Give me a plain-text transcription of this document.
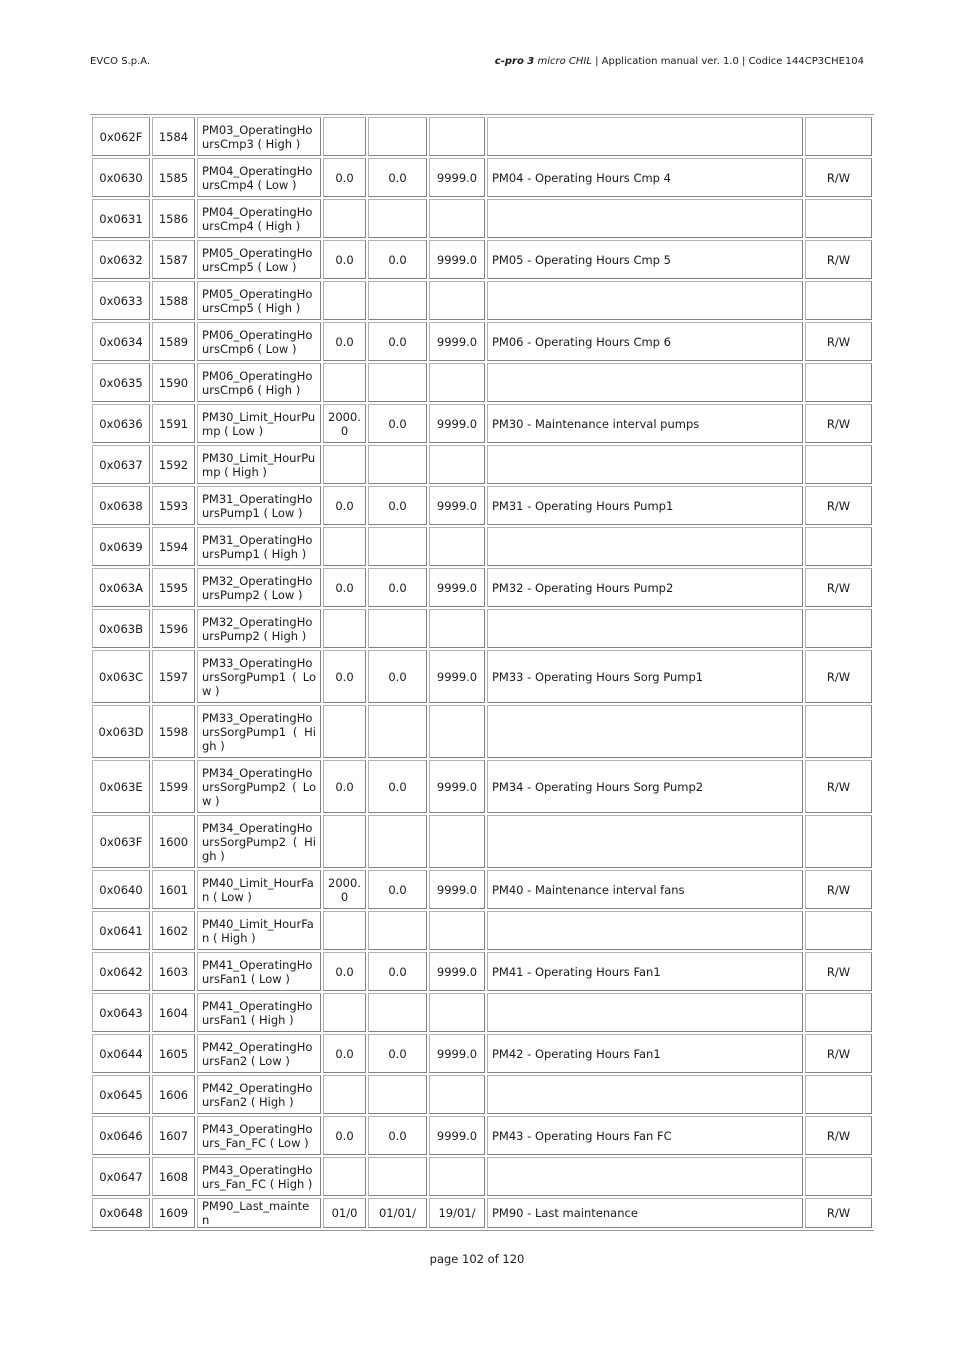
EVCO S.p.A.	c-pro 3 micro CHIL | Application manual ver. 1.0 | Codice 144CP3CHE104
0x062F	1584	PM03_OperatingHoursCmp3 ( High )					
0x0630	1585	PM04_OperatingHoursCmp4 ( Low )	0.0	0.0	9999.0	PM04 - Operating Hours Cmp 4	R/W
0x0631	1586	PM04_OperatingHoursCmp4 ( High )					
0x0632	1587	PM05_OperatingHoursCmp5 ( Low )	0.0	0.0	9999.0	PM05 - Operating Hours Cmp 5	R/W
0x0633	1588	PM05_OperatingHoursCmp5 ( High )					
0x0634	1589	PM06_OperatingHoursCmp6 ( Low )	0.0	0.0	9999.0	PM06 - Operating Hours Cmp 6	R/W
0x0635	1590	PM06_OperatingHoursCmp6 ( High )					
0x0636	1591	PM30_Limit_HourPump ( Low )	2000.0	0.0	9999.0	PM30 - Maintenance interval pumps	R/W
0x0637	1592	PM30_Limit_HourPump ( High )					
0x0638	1593	PM31_OperatingHoursPump1 ( Low )	0.0	0.0	9999.0	PM31 - Operating Hours Pump1	R/W
0x0639	1594	PM31_OperatingHoursPump1 ( High )					
0x063A	1595	PM32_OperatingHoursPump2 ( Low )	0.0	0.0	9999.0	PM32 - Operating Hours Pump2	R/W
0x063B	1596	PM32_OperatingHoursPump2 ( High )					
0x063C	1597	PM33_OperatingHoursSorgPump1 ( Low )	0.0	0.0	9999.0	PM33 - Operating Hours Sorg Pump1	R/W
0x063D	1598	PM33_OperatingHoursSorgPump1 ( High )					
0x063E	1599	PM34_OperatingHoursSorgPump2 ( Low )	0.0	0.0	9999.0	PM34 - Operating Hours Sorg Pump2	R/W
0x063F	1600	PM34_OperatingHoursSorgPump2 ( High )					
0x0640	1601	PM40_Limit_HourFan ( Low )	2000.0	0.0	9999.0	PM40 - Maintenance interval fans	R/W
0x0641	1602	PM40_Limit_HourFan ( High )					
0x0642	1603	PM41_OperatingHoursFan1 ( Low )	0.0	0.0	9999.0	PM41 - Operating Hours Fan1	R/W
0x0643	1604	PM41_OperatingHoursFan1 ( High )					
0x0644	1605	PM42_OperatingHoursFan2 ( Low )	0.0	0.0	9999.0	PM42 - Operating Hours Fan1	R/W
0x0645	1606	PM42_OperatingHoursFan2 ( High )					
0x0646	1607	PM43_OperatingHours_Fan_FC ( Low )	0.0	0.0	9999.0	PM43 - Operating Hours Fan FC	R/W
0x0647	1608	PM43_OperatingHours_Fan_FC ( High )					
0x0648	1609	PM90_Last_mainten	01/0	01/01/	19/01/	PM90 - Last maintenance	R/W
page 102 of 120
